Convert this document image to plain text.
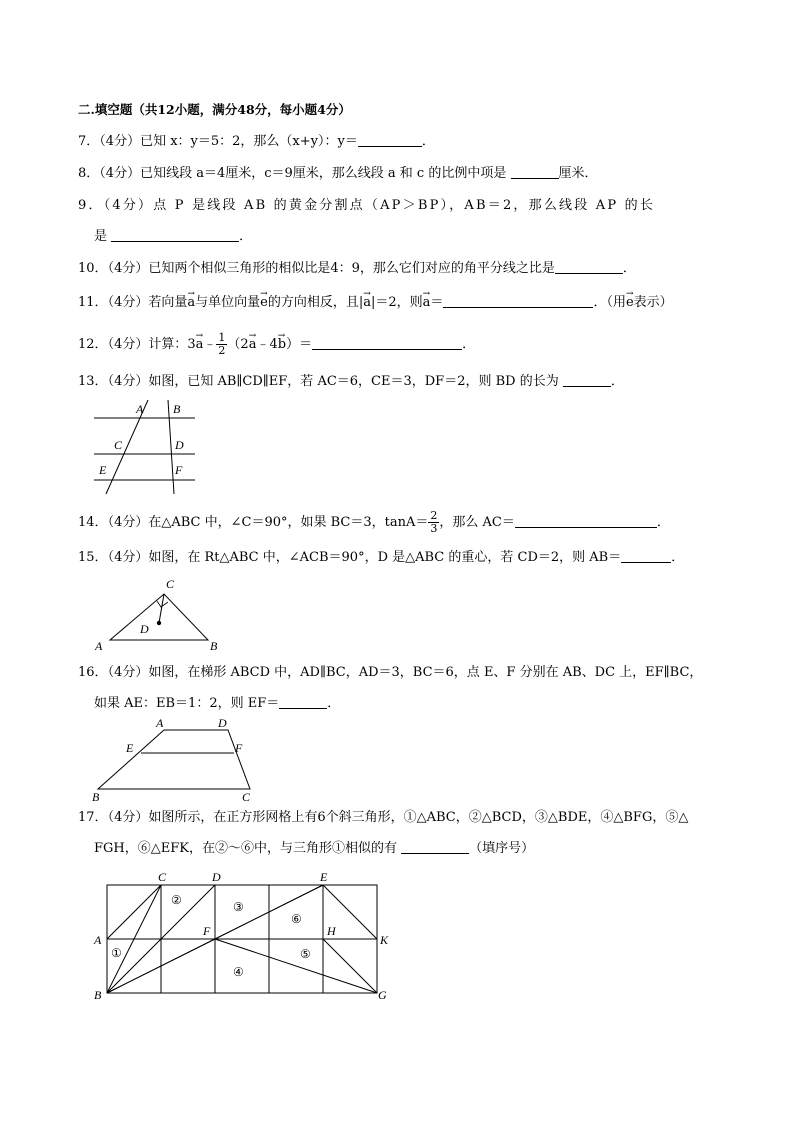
二.填空题（共12小题，满分48分，每小题4分）
7．（4分）已知 x：y＝5：2，那么（x+y）：y＝	．
8．（4分）已知线段 a＝4厘米，c＝9厘米，那么线段 a 和 c 的比例中项是	厘米．
9．（4分）点 P 是线段 AB 的黄金分割点（AP＞BP），AB＝2，那么线段 AP 的长
是	．
10．（4分）已知两个相似三角形的相似比是4：9，那么它们对应的角平分线之比是	．
11．（4分）若向量→ a与单位向量→ e的方向相反，且|→ a|＝2，则→ a＝	．（用→ e表示）
12．（4分）计算：3→ a﹣ $\frac{1}{2} (2\to$ a﹣4→ b）＝	．
13．（4分）如图，已知 AB∥CD∥EF，若 AC＝6，CE＝3，DF＝2，则 BD 的长为	．
A B
C	D
E	F
14．（4分）在△ABC 中，∠C＝90°，如果 BC＝3，$\tan A= \frac{2}{3}$ ，那么 AC＝	．
15．（4分）如图，在 Rt△ABC 中，∠ACB＝90°，D 是△ABC 的重心，若 CD＝2，则 AB＝	．
C
D
A	B
16．（4分）如图，在梯形 ABCD 中，AD∥BC，AD＝3，BC＝6，点 E、F 分别在 AB、DC 上，EF∥BC，
如果 AE：EB＝1：2，则 EF＝	．
A	D
E	F
B	C
17．（4分）如图所示，在正方形网格上有6个斜三角形，①△ABC，②△BCD，③△BDE，④△BFG，⑤△
FGH，⑥△EFK，在②～⑥中，与三角形①相似的有	（填序号）
C	D	E
A
F	H
K
B	G
①
②	③
④
⑤
⑥
